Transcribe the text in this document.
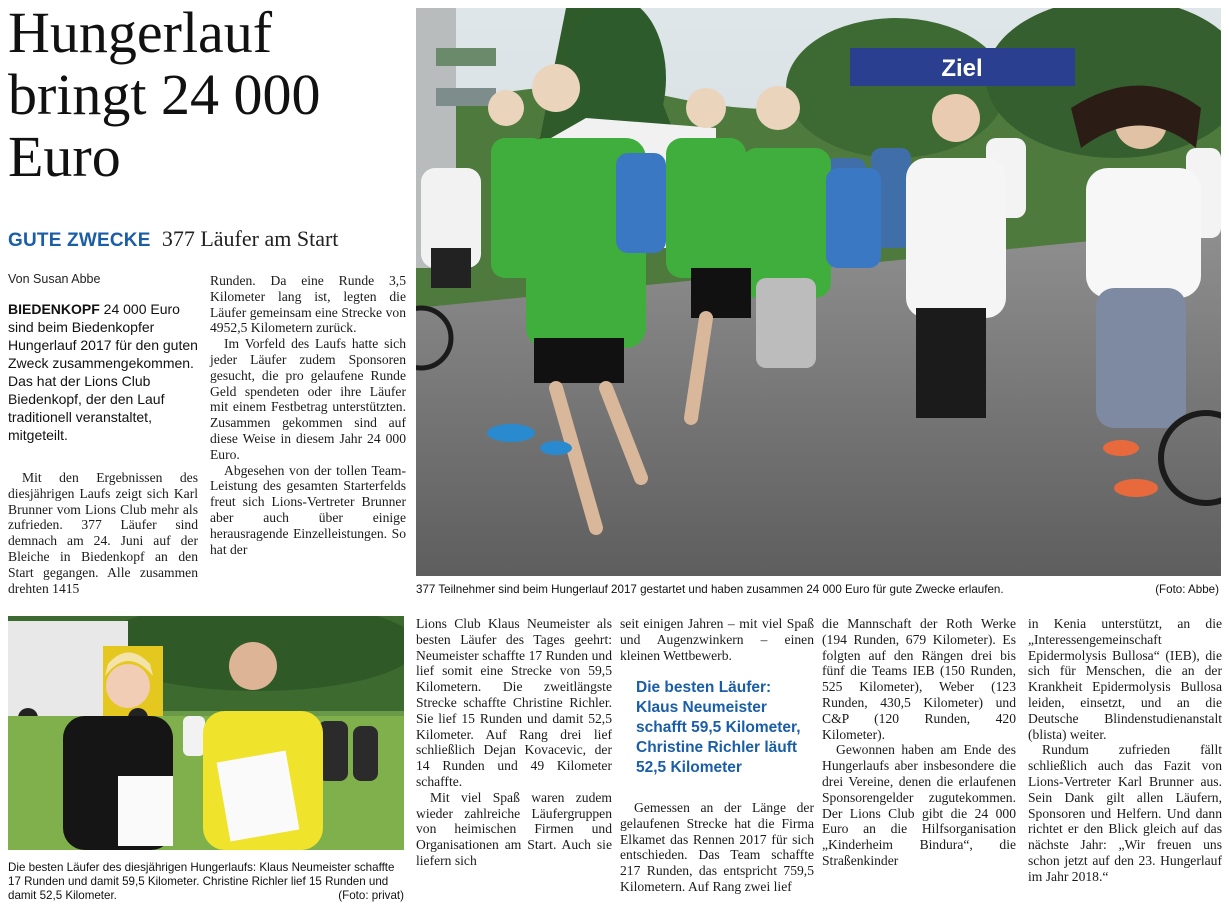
Hungerlauf bringt 24 000 Euro
GUTE ZWECKE 377 Läufer am Start
Von Susan Abbe
BIEDENKOPF 24 000 Euro sind beim Biedenkopfer Hungerlauf 2017 für den guten Zweck zusammengekommen. Das hat der Lions Club Biedenkopf, der den Lauf traditionell veranstaltet, mitgeteilt.

Mit den Ergebnissen des diesjährigen Laufs zeigt sich Karl Brunner vom Lions Club mehr als zufrieden. 377 Läufer sind demnach am 24. Juni auf der Bleiche in Biedenkopf an den Start gegangen. Alle zusammen drehten 1415

Runden. Da eine Runde 3,5 Kilometer lang ist, legten die Läufer gemeinsam eine Strecke von 4952,5 Kilometern zurück.

Im Vorfeld des Laufs hatte sich jeder Läufer zudem Sponsoren gesucht, die pro gelaufene Runde Geld spendeten oder ihre Läufer mit einem Festbetrag unterstützten. Zusammen gekommen sind auf diese Weise in diesem Jahr 24 000 Euro.

Abgesehen von der tollen Team-Leistung des gesamten Starterfelds freut sich Lions-Vertreter Brunner aber auch über einige herausragende Einzelleistungen. So hat der

Ziel
377 Teilnehmer sind beim Hungerlauf 2017 gestartet und haben zusammen 24 000 Euro für gute Zwecke erlaufen.	(Foto: Abbe)
Die besten Läufer des diesjährigen Hungerlaufs: Klaus Neumeister schaffte 17 Runden und damit 59,5 Kilometer. Christine Richler lief 15 Runden und damit 52,5 Kilometer.	(Foto: privat)

Lions Club Klaus Neumeister als besten Läufer des Tages geehrt: Neumeister schaffte 17 Runden und lief somit eine Strecke von 59,5 Kilometern. Die zweitlängste Strecke schaffte Christine Richler. Sie lief 15 Runden und damit 52,5 Kilometer. Auf Rang drei lief schließlich Dejan Kovacevic, der 14 Runden und 49 Kilometer schaffte.

Mit viel Spaß waren zudem wieder zahlreiche Läufergruppen von heimischen Firmen und Organisationen am Start. Auch sie liefern sich

seit einigen Jahren – mit viel Spaß und Augenzwinkern – einen kleinen Wettbewerb.

Die besten Läufer: Klaus Neumeister schafft 59,5 Kilometer, Christine Richler läuft 52,5 Kilometer

Gemessen an der Länge der gelaufenen Strecke hat die Firma Elkamet das Rennen 2017 für sich entschieden. Das Team schaffte 217 Runden, das entspricht 759,5 Kilometern. Auf Rang zwei lief

die Mannschaft der Roth Werke (194 Runden, 679 Kilometer). Es folgten auf den Rängen drei bis fünf die Teams IEB (150 Runden, 525 Kilometer), Weber (123 Runden, 430,5 Kilometer) und C&P (120 Runden, 420 Kilometer).

Gewonnen haben am Ende des Hungerlaufs aber insbesondere die drei Vereine, denen die erlaufenen Sponsorengelder zugutekommen. Der Lions Club gibt die 24 000 Euro an die Hilfsorganisation „Kinderheim Bindura“, die Straßenkinder

in Kenia unterstützt, an die „Interessengemeinschaft Epidermolysis Bullosa“ (IEB), die sich für Menschen, die an der Krankheit Epidermolysis Bullosa leiden, einsetzt, und an die Deutsche Blindenstudienanstalt (blista) weiter.

Rundum zufrieden fällt schließlich auch das Fazit von Lions-Vertreter Karl Brunner aus. Sein Dank gilt allen Läufern, Sponsoren und Helfern. Und dann richtet er den Blick gleich auf das nächste Jahr: „Wir freuen uns schon jetzt auf den 23. Hungerlauf im Jahr 2018.“
